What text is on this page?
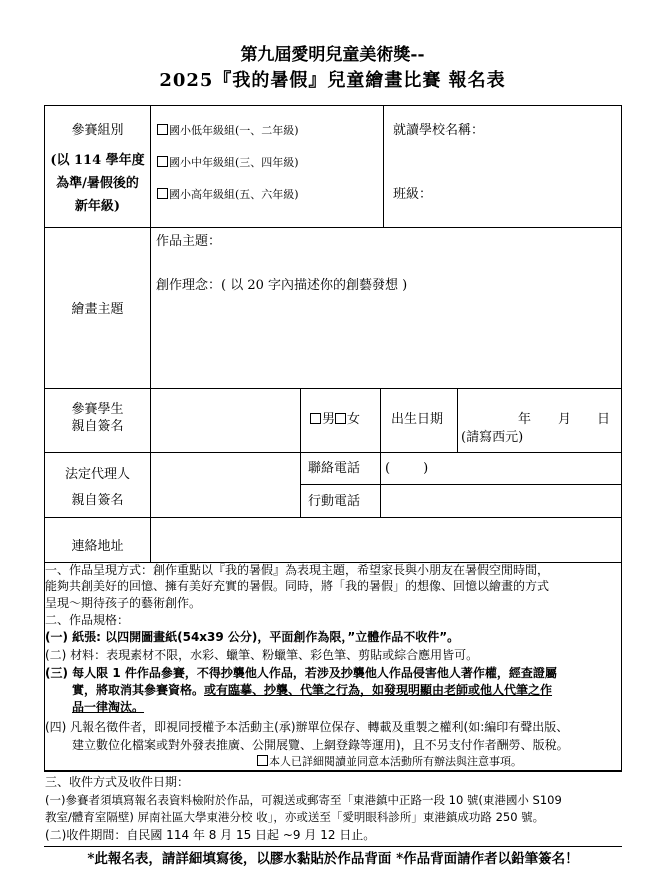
第九屆愛明兒童美術獎--
2025『我的暑假』兒童繪畫比賽 報名表
參賽組別
(以 114 學年度
為準/暑假後的
新年級)
國小低年級組(一、二年級)
國小中年級組(三、四年級)
國小高年級組(五、六年級)
就讀學校名稱：
班級：
繪畫主題
作品主題：
創作理念：( 以 20 字內描述你的創藝發想 )
參賽學生
親自簽名	男 女 出生日期	年 月 日
(請寫西元)
法定代理人
親自簽名
聯絡電話 (        )
行動電話
連絡地址
一、作品呈現方式：創作重點以『我的暑假』為表現主題，希望家長與小朋友在暑假空閒時間，
能夠共創美好的回憶、擁有美好充實的暑假。同時，將「我的暑假」的想像、回憶以繪畫的方式
呈現～期待孩子的藝術創作。
二、作品規格：
(一) 紙張: 以四開圖畫紙(54x39 公分)，平面創作為限，”立體作品不收件”。
(二) 材料：表現素材不限，水彩、蠟筆、粉蠟筆、彩色筆、剪貼或綜合應用皆可。
(三) 每人限 1 件作品參賽，不得抄襲他人作品，若涉及抄襲他人作品侵害他人著作權，經查證屬
實，將取消其參賽資格。或有臨摹、抄襲、代筆之行為，如發現明顯由老師或他人代筆之作
品一律淘汰。
(四) 凡報名徵件者，即視同授權予本活動主(承)辦單位保存、轉載及重製之權利(如:編印有聲出版、
建立數位化檔案或對外發表推廣、公開展覽、上網登錄等運用)，且不另支付作者酬勞、版稅。
本人已詳細閱讀並同意本活動所有辦法與注意事項。
三、收件方式及收件日期：
(一)參賽者須填寫報名表資料檢附於作品，可親送或郵寄至「東港鎮中正路一段 10 號(東港國小 S109
教室/體育室隔壁) 屏南社區大學東港分校 收」，亦或送至「愛明眼科診所」東港鎮成功路 250 號。
(二)收件期間：自民國 114 年 8 月 15 日起 ~9 月 12 日止。
*此報名表，請詳細填寫後，以膠水黏貼於作品背面 *作品背面請作者以鉛筆簽名！
